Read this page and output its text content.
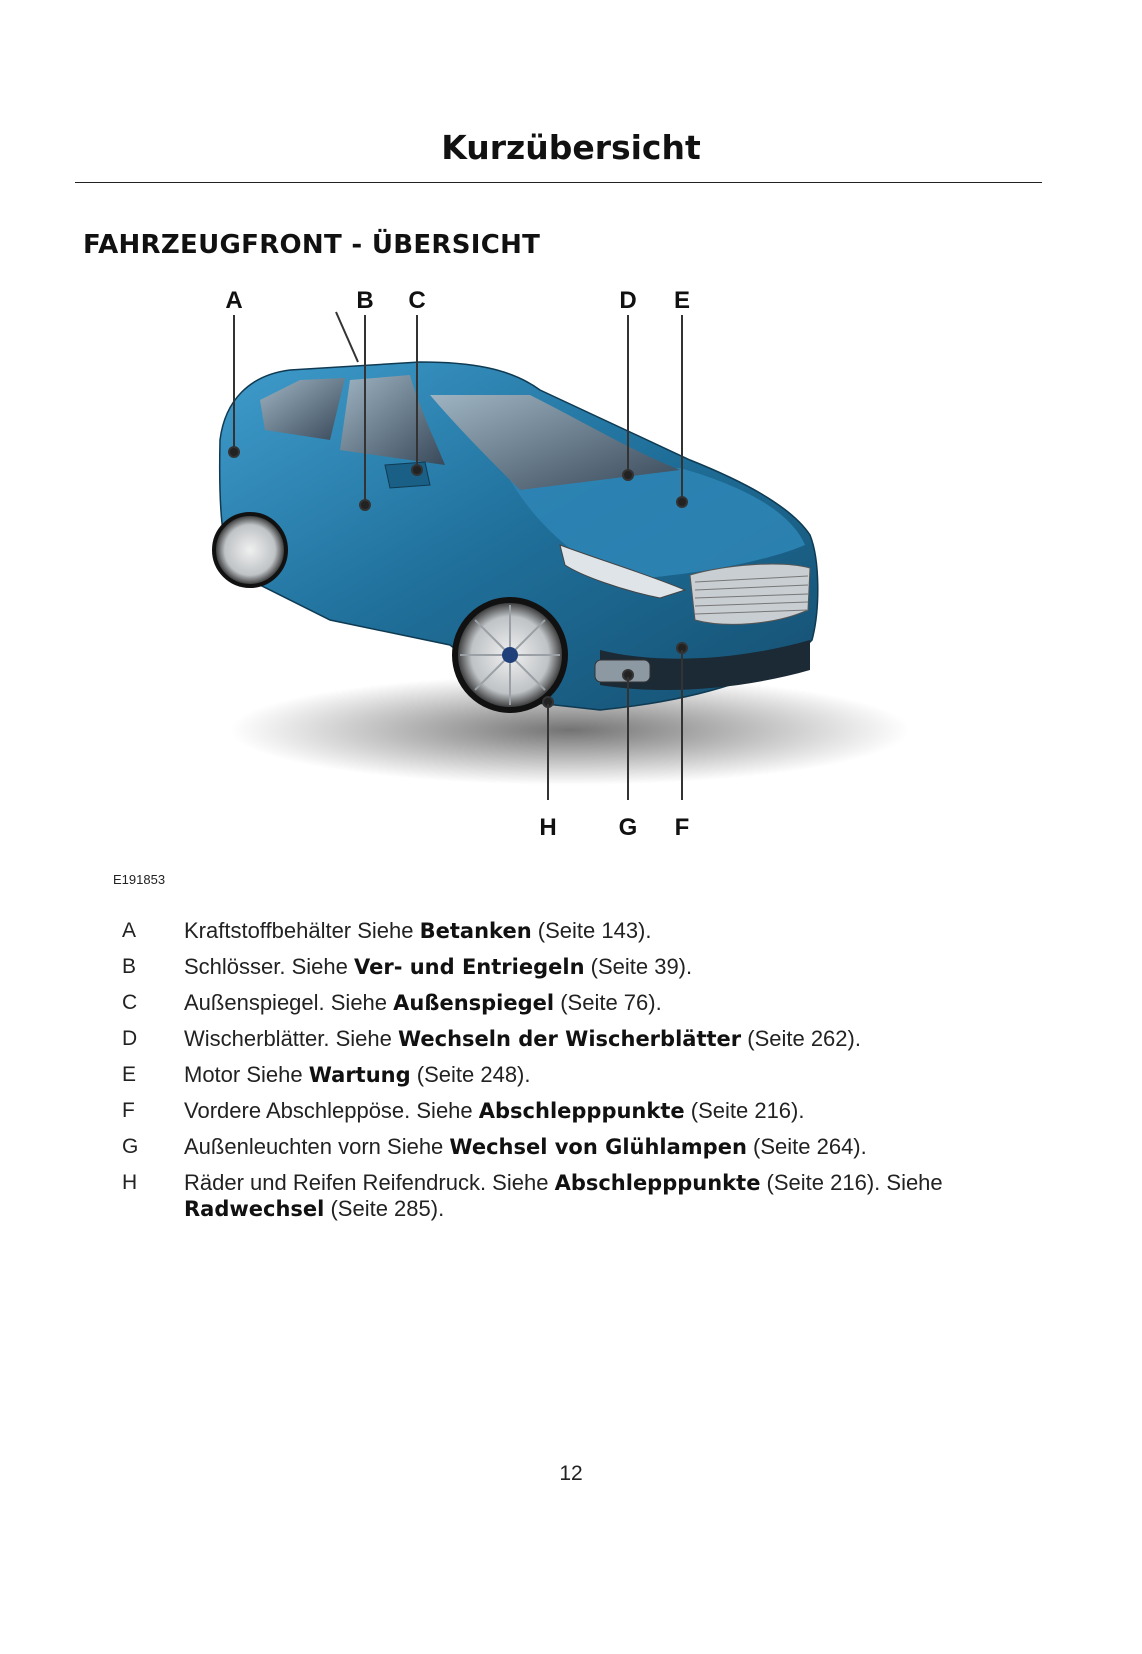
Kurzübersicht
FAHRZEUGFRONT - ÜBERSICHT
A	B C	D E
H	G F
E191853
A Kraftstoffbehälter Siehe Betanken (Seite 143).
B Schlösser. Siehe Ver- und Entriegeln (Seite 39).
C Außenspiegel. Siehe Außenspiegel (Seite 76).
D Wischerblätter. Siehe Wechseln der Wischerblätter (Seite 262).
E Motor Siehe Wartung (Seite 248).
F	Vordere Abschleppöse. Siehe Abschlepppunkte (Seite 216).
G Außenleuchten vorn Siehe Wechsel von Glühlampen (Seite 264).
H Räder und Reifen Reifendruck. Siehe Abschlepppunkte (Seite 216). Siehe Radwechsel (Seite 285).
12
